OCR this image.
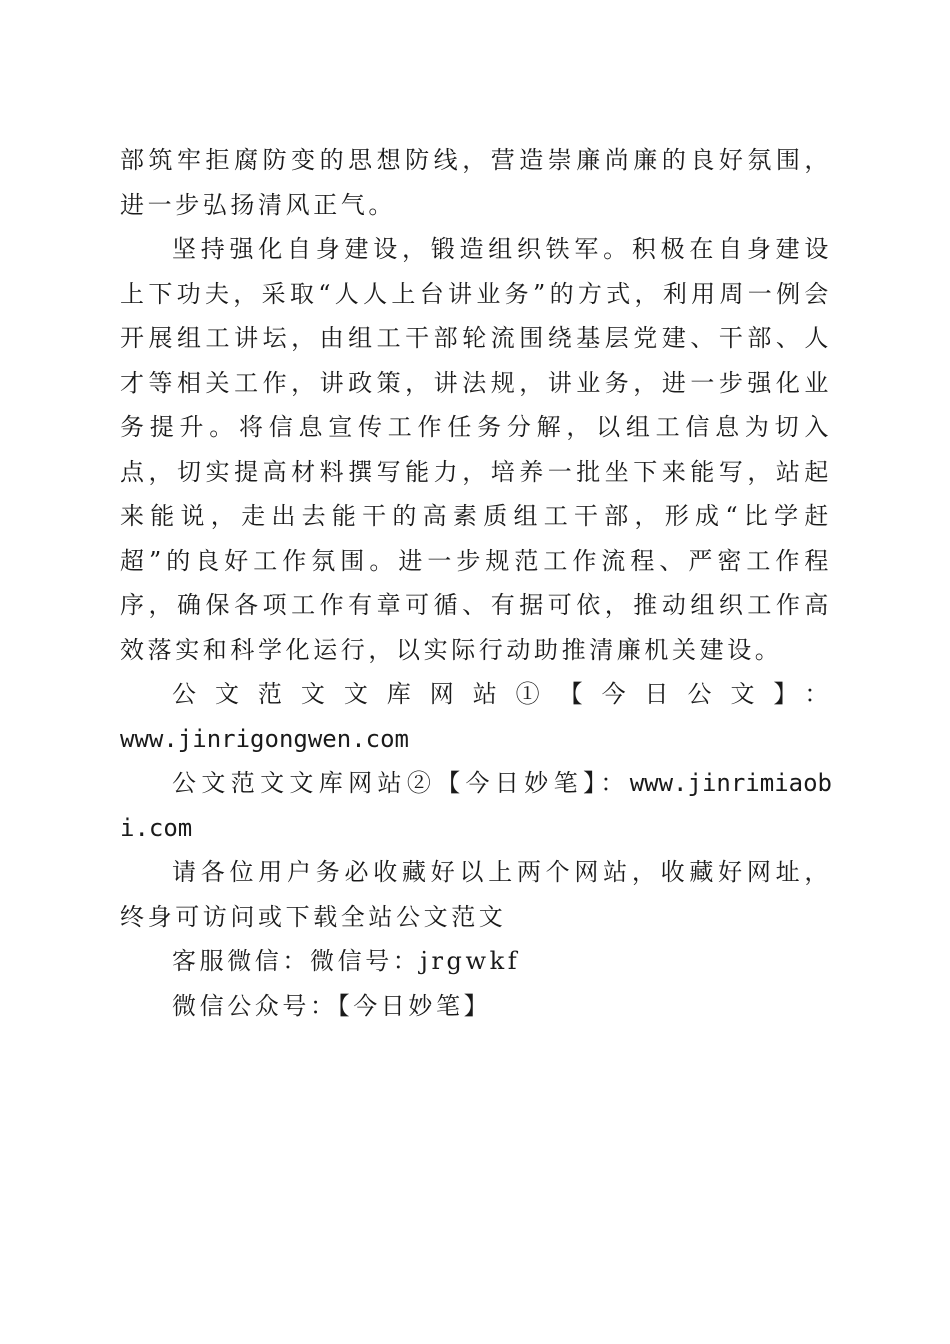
部筑牢拒腐防变的思想防线，营造崇廉尚廉的良好氛围，进一步弘扬清风正气。

坚持强化自身建设，锻造组织铁军。积极在自身建设上下功夫，采取“人人上台讲业务”的方式，利用周一例会开展组工讲坛，由组工干部轮流围绕基层党建、干部、人才等相关工作，讲政策，讲法规，讲业务，进一步强化业务提升。将信息宣传工作任务分解，以组工信息为切入点，切实提高材料撰写能力，培养一批坐下来能写，站起来能说，走出去能干的高素质组工干部，形成“比学赶超”的良好工作氛围。进一步规范工作流程、严密工作程序，确保各项工作有章可循、有据可依，推动组织工作高效落实和科学化运行，以实际行动助推清廉机关建设。

公文范文文库网站①【今日公文】：

www.jinrigongwen.com

公文范文文库网站②【今日妙笔】：www.jinrimiaobi.com

请各位用户务必收藏好以上两个网站，收藏好网址，终身可访问或下载全站公文范文

客服微信：微信号：jrgwkf

微信公众号：【今日妙笔】
